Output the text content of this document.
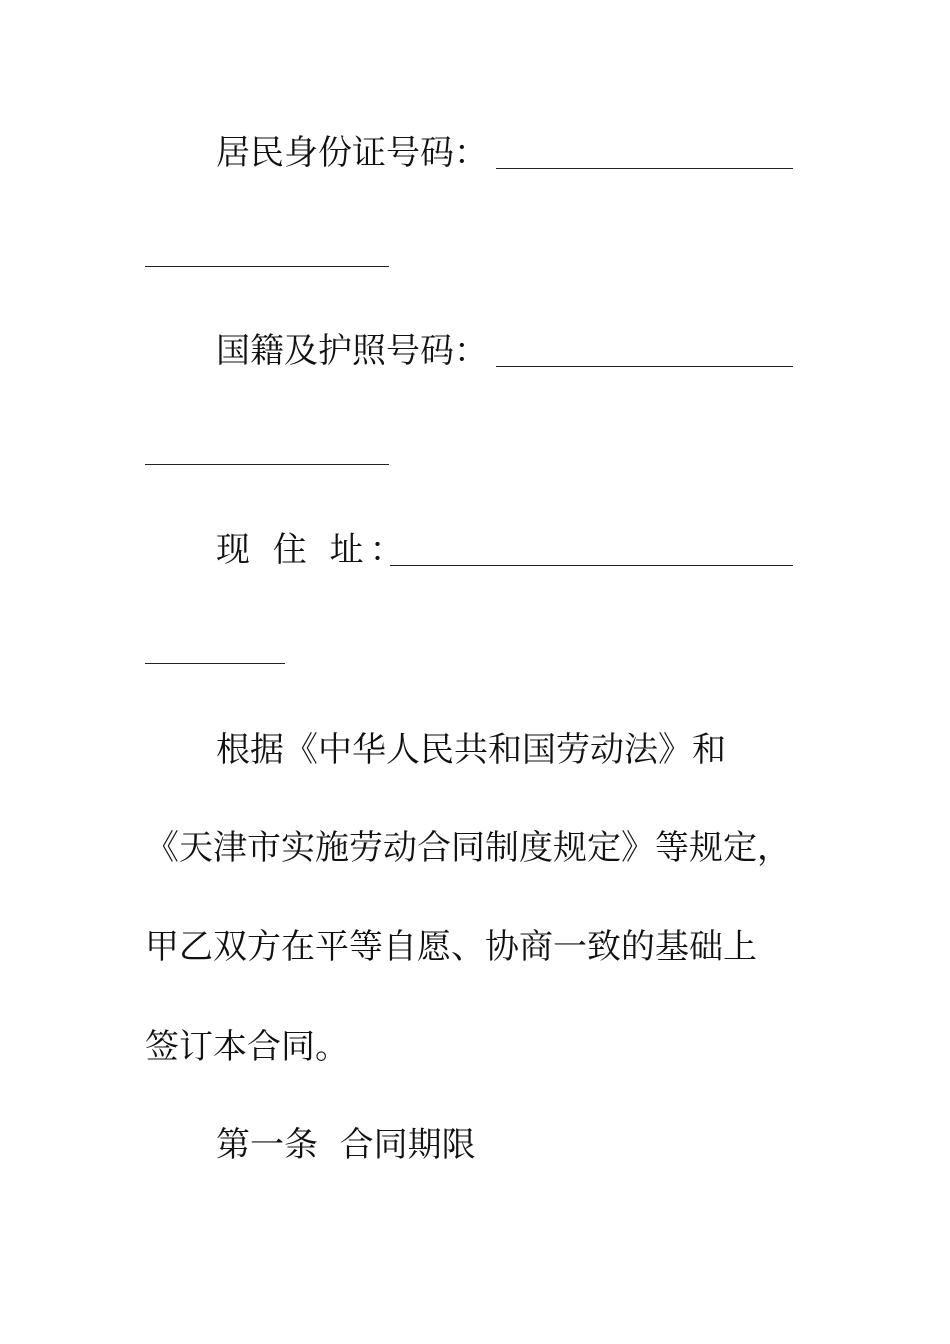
居民身份证号码：
国籍及护照号码：
现 住 址：
根据《中华人民共和国劳动法》和
《天津市实施劳动合同制度规定》等规定，
甲乙双方在平等自愿、协商一致的基础上
签订本合同。
第一条  合同期限
